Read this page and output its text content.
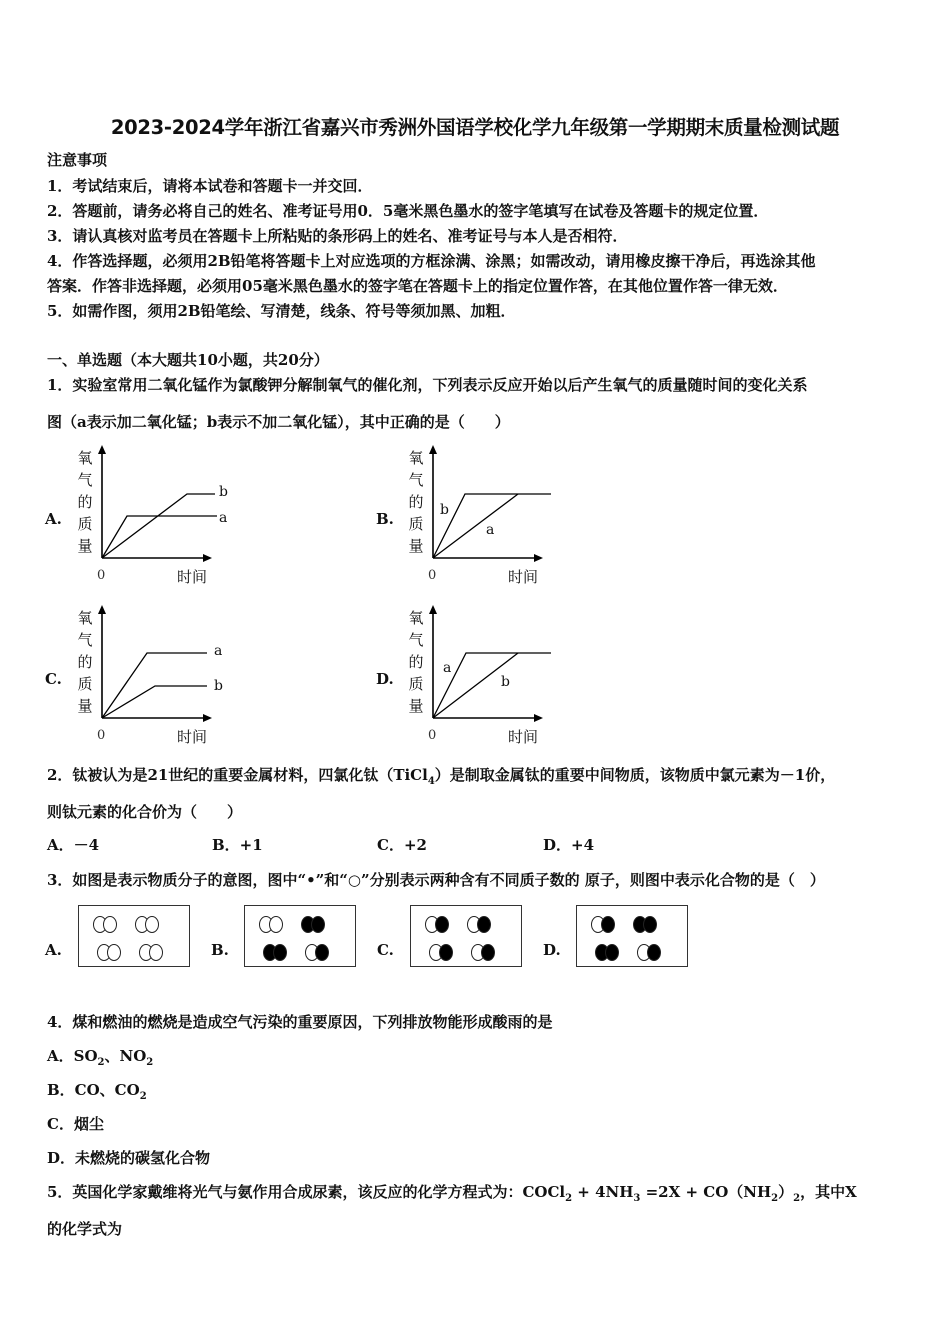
2023-2024学年浙江省嘉兴市秀洲外国语学校化学九年级第一学期期末质量检测试题
注意事项
1．考试结束后，请将本试卷和答题卡一并交回．
2．答题前，请务必将自己的姓名、准考证号用0．5毫米黑色墨水的签字笔填写在试卷及答题卡的规定位置．
3．请认真核对监考员在答题卡上所粘贴的条形码上的姓名、准考证号与本人是否相符．
4．作答选择题，必须用2B铅笔将答题卡上对应选项的方框涂满、涂黑；如需改动，请用橡皮擦干净后，再选涂其他
答案．作答非选择题，必须用05毫米黑色墨水的签字笔在答题卡上的指定位置作答，在其他位置作答一律无效．
5．如需作图，须用2B铅笔绘、写清楚，线条、符号等须加黑、加粗．
一、单选题（本大题共10小题，共20分）
1．实验室常用二氧化锰作为氯酸钾分解制氧气的催化剂，下列表示反应开始以后产生氧气的质量随时间的变化关系
图（a表示加二氧化锰；b表示不加二氧化锰），其中正确的是（　　）
A.	B.
C.	D.
氧气的质量
b
a
0	时间
氧气的质量
b
a
0	时间
氧气的质量
a
b
0	时间
氧气的质量
a
b
0	时间
2．钛被认为是21世纪的重要金属材料，四氯化钛（TiCl$_4$）是制取金属钛的重要中间物质，该物质中氯元素为－1价，
则钛元素的化合价为（　　）
A．－4	B．+1	C．+2	D．+4
3．如图是表示物质分子的意图，图中“•”和“○”分别表示两种含有不同质子数的 原子，则图中表示化合物的是（　）
A.	B.	C.	D.
4．煤和燃油的燃烧是造成空气污染的重要原因，下列排放物能形成酸雨的是
A．$SO_2$、$NO_2$
B．CO、$CO_2$
C．烟尘
D．未燃烧的碳氢化合物
5．英国化学家戴维将光气与氨作用合成尿素，该反应的化学方程式为：COCl$_2$ + $4NH_3 =2X + CO(NH_2)_2$，其中X
的化学式为
